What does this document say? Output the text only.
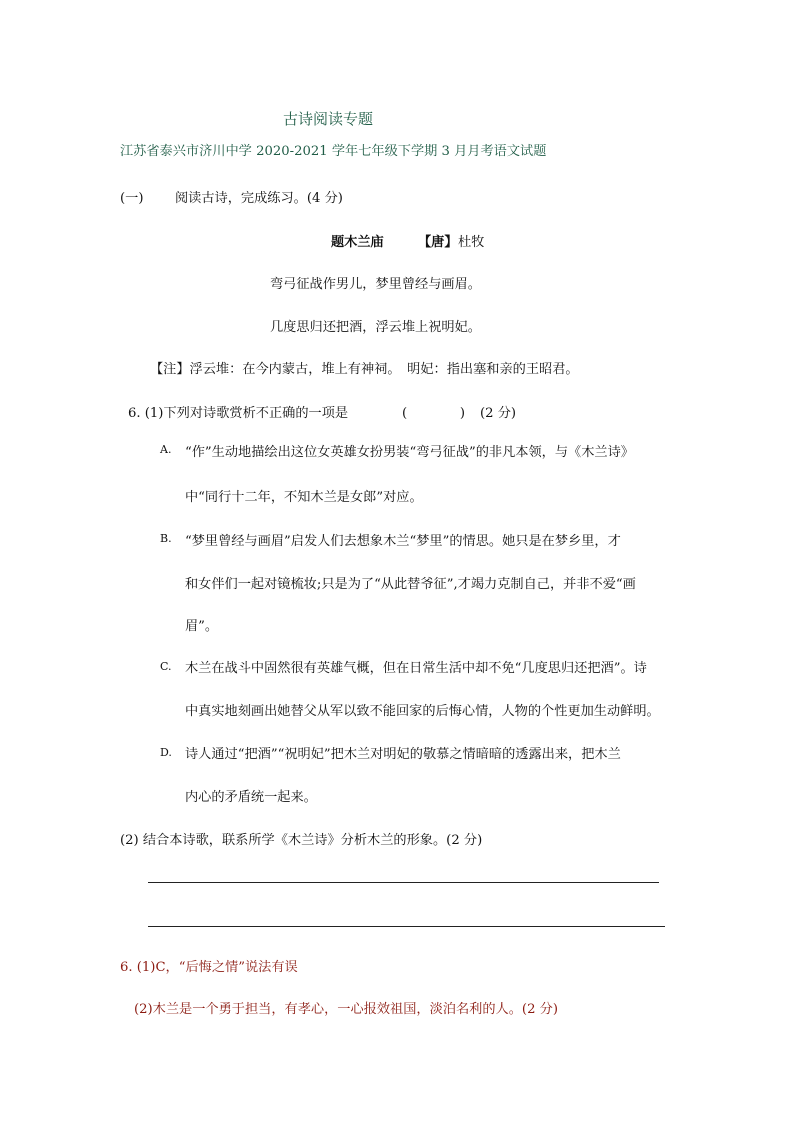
古诗阅读专题
江苏省泰兴市济川中学 2020-2021 学年七年级下学期 3 月月考语文试题
(一) 阅读古诗，完成练习。(4 分)
题木兰庙	【唐】 杜牧
弯弓征战作男儿，梦里曾经与画眉。
几度思归还把酒，浮云堆上祝明妃。
【注】浮云堆：在今内蒙古，堆上有神祠。　明妃：指出塞和亲的王昭君。
6. (1)下列对诗歌赏析不正确的一项是	(　　　　) (2 分)
A. “作”生动地描绘出这位女英雄女扮男装“弯弓征战”的非凡本领，与《木兰诗》
中“同行十二年，不知木兰是女郎”对应。
B. “梦里曾经与画眉”启发人们去想象木兰“梦里”的情思。她只是在梦乡里，才
和女伴们一起对镜梳妆;只是为了“从此替爷征”,才竭力克制自己，并非不爱“画
眉”。
C. 木兰在战斗中固然很有英雄气概，但在日常生活中却不免“几度思归还把酒”。诗
中真实地刻画出她替父从军以致不能回家的后悔心情，人物的个性更加生动鲜明。
D. 诗人通过“把酒”“祝明妃”把木兰对明妃的敬慕之情暗暗的透露出来，把木兰
内心的矛盾统一起来。
(2) 结合本诗歌，联系所学《木兰诗》分析木兰的形象。(2 分)
6. (1)C，“后悔之情”说法有误
(2)木兰是一个勇于担当，有孝心，一心报效祖国，淡泊名利的人。(2 分)
